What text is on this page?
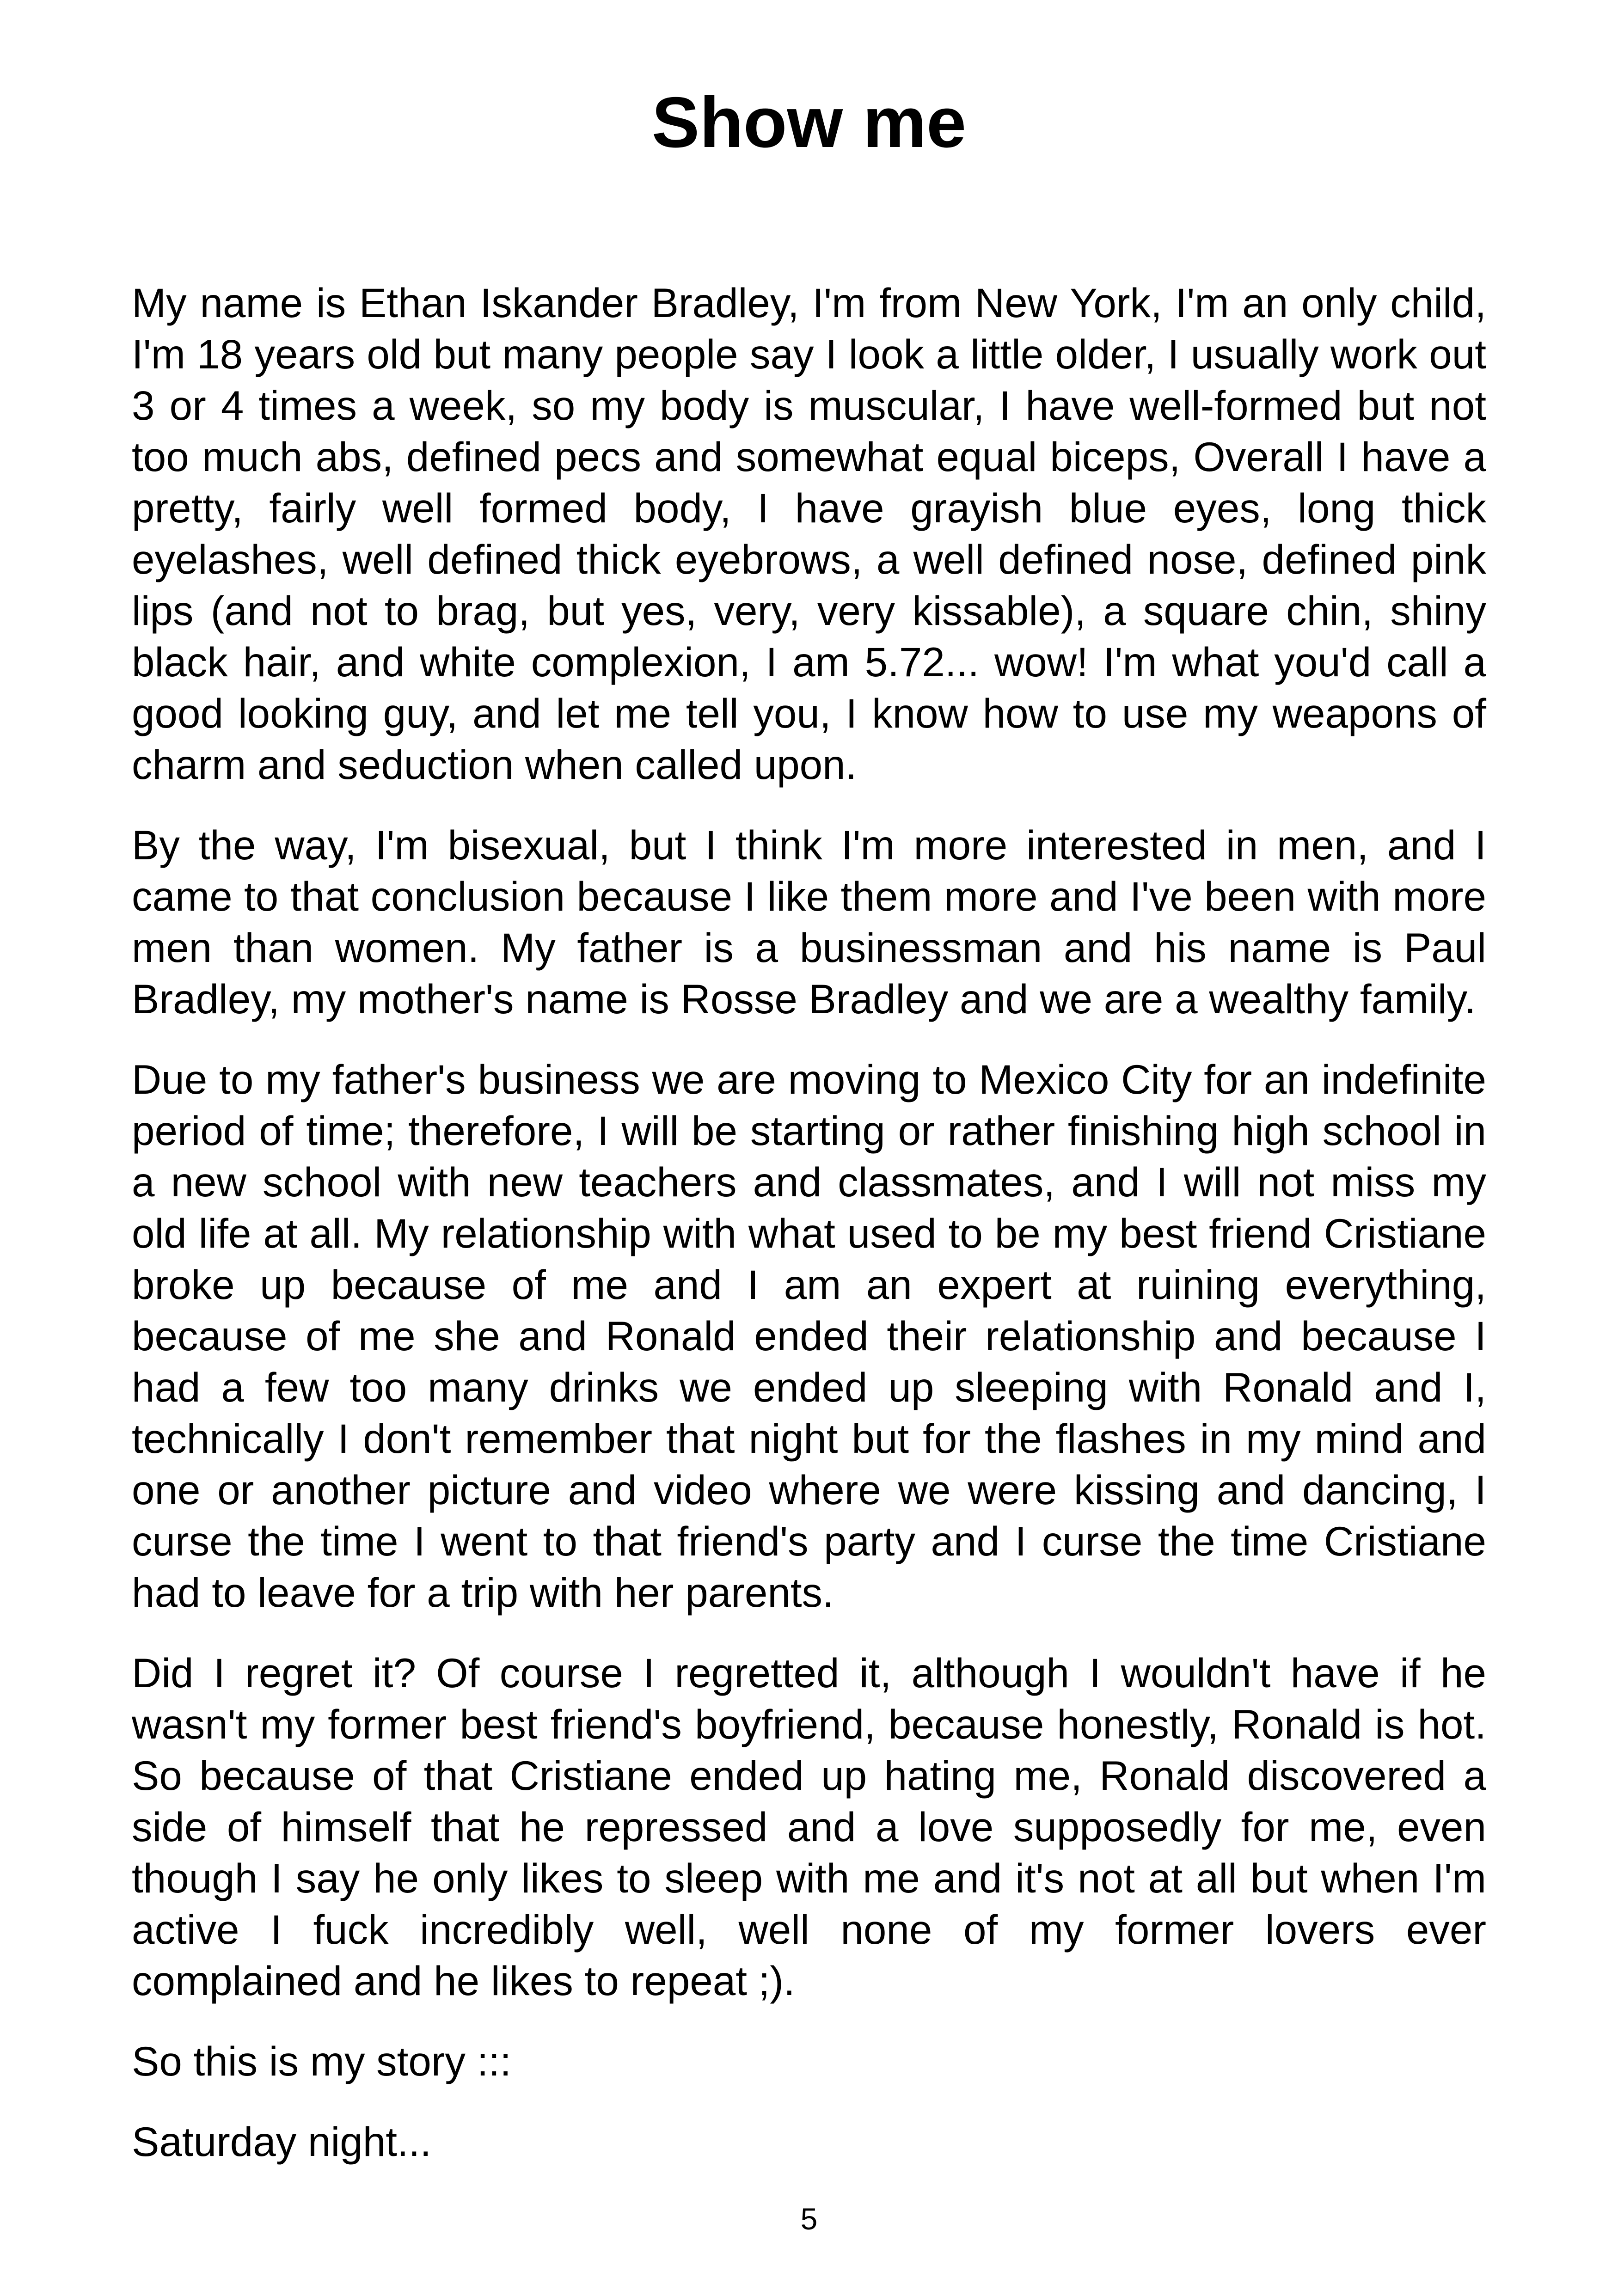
Show me

My name is Ethan Iskander Bradley, I'm from New York, I'm an only child, I'm 18 years old but many people say I look a little older, I usually work out 3 or 4 times a week, so my body is muscular, I have well-formed but not too much abs, defined pecs and somewhat equal biceps, Overall I have a pretty, fairly well formed body, I have grayish blue eyes, long thick eyelashes, well defined thick eyebrows, a well defined nose, defined pink lips (and not to brag, but yes, very, very kissable), a square chin, shiny black hair, and white complexion, I am 5.72... wow! I'm what you'd call a good looking guy, and let me tell you, I know how to use my weapons of charm and seduction when called upon.

By the way, I'm bisexual, but I think I'm more interested in men, and I came to that conclusion because I like them more and I've been with more men than women. My father is a businessman and his name is Paul Bradley, my mother's name is Rosse Bradley and we are a wealthy family.

Due to my father's business we are moving to Mexico City for an indefinite period of time; therefore, I will be starting or rather finishing high school in a new school with new teachers and classmates, and I will not miss my old life at all. My relationship with what used to be my best friend Cristiane broke up because of me and I am an expert at ruining everything, because of me she and Ronald ended their relationship and because I had a few too many drinks we ended up sleeping with Ronald and I, technically I don't remember that night but for the flashes in my mind and one or another picture and video where we were kissing and dancing, I curse the time I went to that friend's party and I curse the time Cristiane had to leave for a trip with her parents.

Did I regret it? Of course I regretted it, although I wouldn't have if he wasn't my former best friend's boyfriend, because honestly, Ronald is hot. So because of that Cristiane ended up hating me, Ronald discovered a side of himself that he repressed and a love supposedly for me, even though I say he only likes to sleep with me and it's not at all but when I'm active I fuck incredibly well, well none of my former lovers ever complained and he likes to repeat ;).

So this is my story :::

Saturday night...

5
